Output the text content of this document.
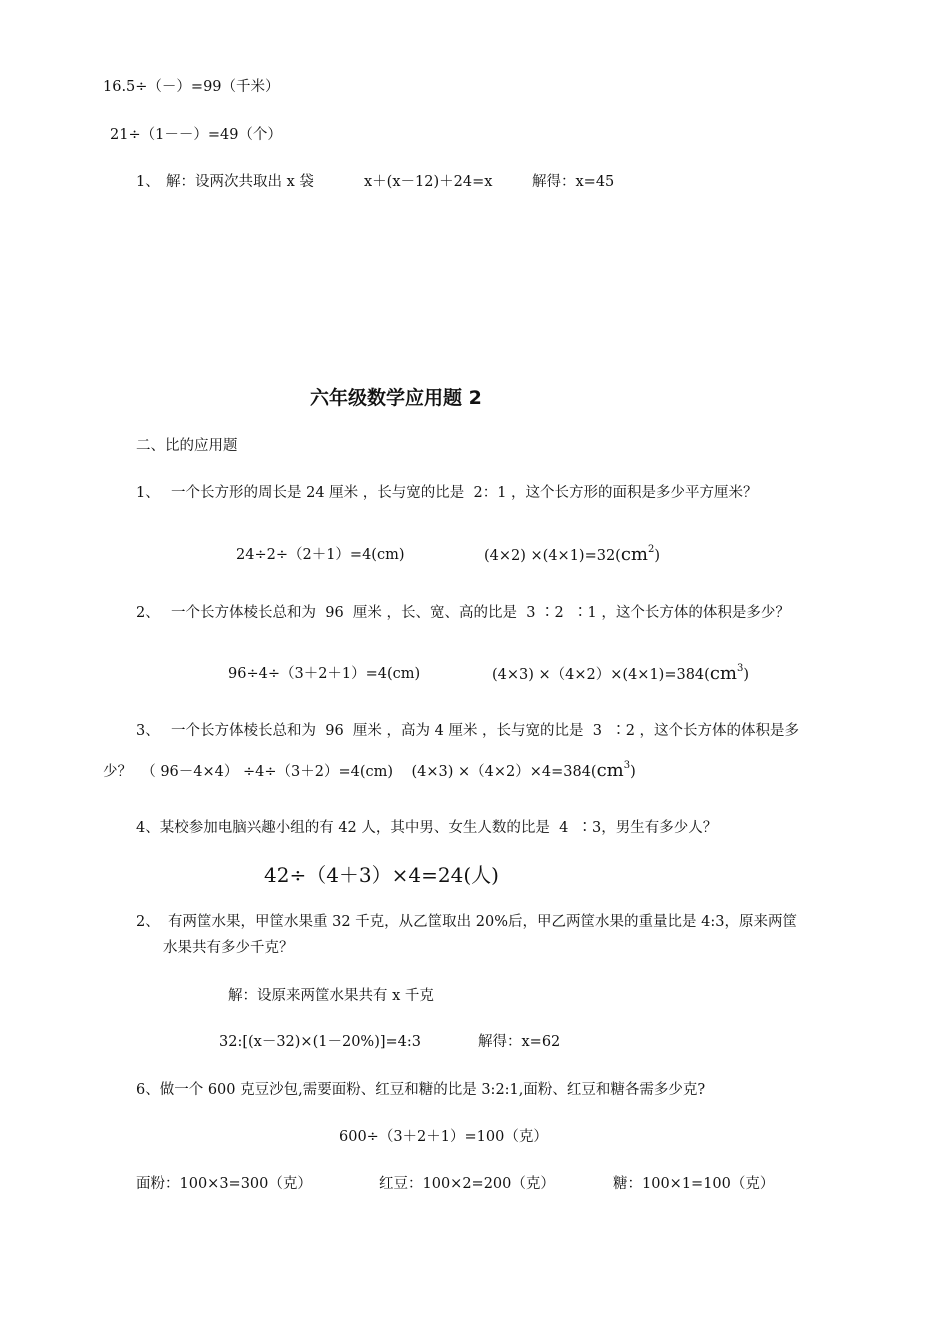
16.5÷（－）=99（千米）
21÷（1－－）=49（个）
1、 解：设两次共取出 x 袋	x＋(x－12)＋24=x	解得：x=45
六年级数学应用题 2
二、比的应用题
1、 一个长方形的周长是 24 厘米 ，长与宽的比是  2：1 ，这个长方形的面积是多少平方厘米？
24÷2÷（2＋1）=4(cm)	$(4\times 2) \times(4\times 1)=32(cm^2)$
2、 一个长方体棱长总和为  96  厘米 ，长、宽、高的比是  3 ∶2  ∶1 ，这个长方体的体积是多少？
96÷4÷（3＋2＋1）=4(cm)	$(4\times 3) \times(4\times 2)\times(4\times 1)=384(cm^3)$
3、 一个长方体棱长总和为  96  厘米 ，高为 4 厘米 ，长与宽的比是  3  ∶2 ，这个长方体的体积是多
少？  （ 96－4×4） ÷4÷（3＋2）=4(cm)    $(4\times 3) \times(4\times 2)\times 4=384(cm^3)$
4、某校参加电脑兴趣小组的有 42 人，其中男、女生人数的比是  4  ∶3，男生有多少人？
42÷（4＋3）×4=24(人)
2、 有两筐水果，甲筐水果重 32 千克，从乙筐取出 20%后，甲乙两筐水果的重量比是 4:3，原来两筐
水果共有多少千克？
解：设原来两筐水果共有 x 千克
32:[(x－32)×(1－20%)]=4:3	解得：x=62
6、做一个 600 克豆沙包,需要面粉、红豆和糖的比是 3:2:1,面粉、红豆和糖各需多少克?
600÷（3＋2＋1）=100（克）
面粉：100×3=300（克）	红豆：100×2=200（克）	糖：100×1=100（克）
